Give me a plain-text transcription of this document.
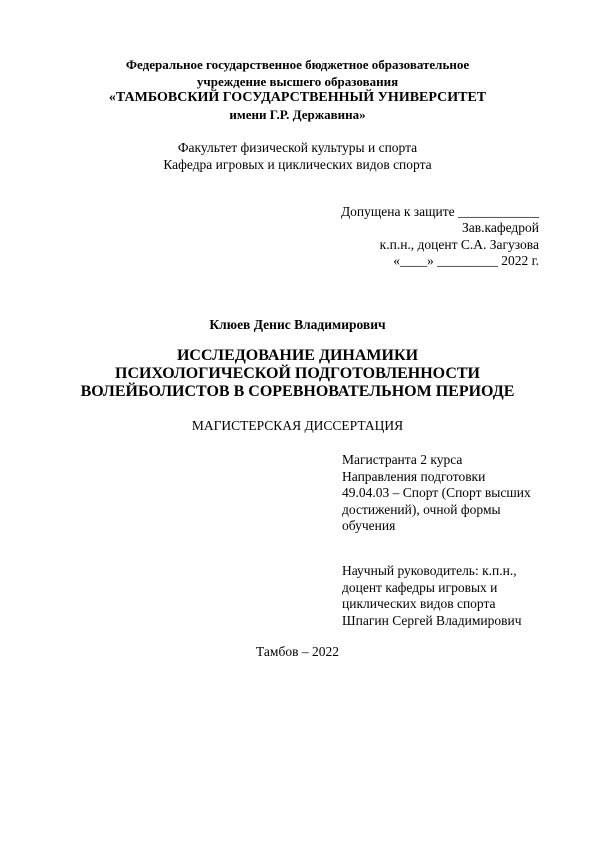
Федеральное государственное бюджетное образовательное
учреждение высшего образования
«ТАМБОВСКИЙ ГОСУДАРСТВЕННЫЙ УНИВЕРСИТЕТ
имени Г.Р. Державина»
Факультет физической культуры и спорта
Кафедра игровых и циклических видов спорта
Допущена к защите ____________
Зав.кафедрой
к.п.н., доцент С.А. Загузова
«____» _________ 2022 г.
Клюев Денис Владимирович
ИССЛЕДОВАНИЕ ДИНАМИКИ
ПСИХОЛОГИЧЕСКОЙ ПОДГОТОВЛЕННОСТИ
ВОЛЕЙБОЛИСТОВ В СОРЕВНОВАТЕЛЬНОМ ПЕРИОДЕ
МАГИСТЕРСКАЯ ДИССЕРТАЦИЯ
Магистранта 2 курса
Направления подготовки
49.04.03 – Спорт (Спорт высших
достижений), очной формы
обучения
Научный руководитель: к.п.н.,
доцент кафедры игровых и
циклических видов спорта
Шпагин Сергей Владимирович
Тамбов – 2022
